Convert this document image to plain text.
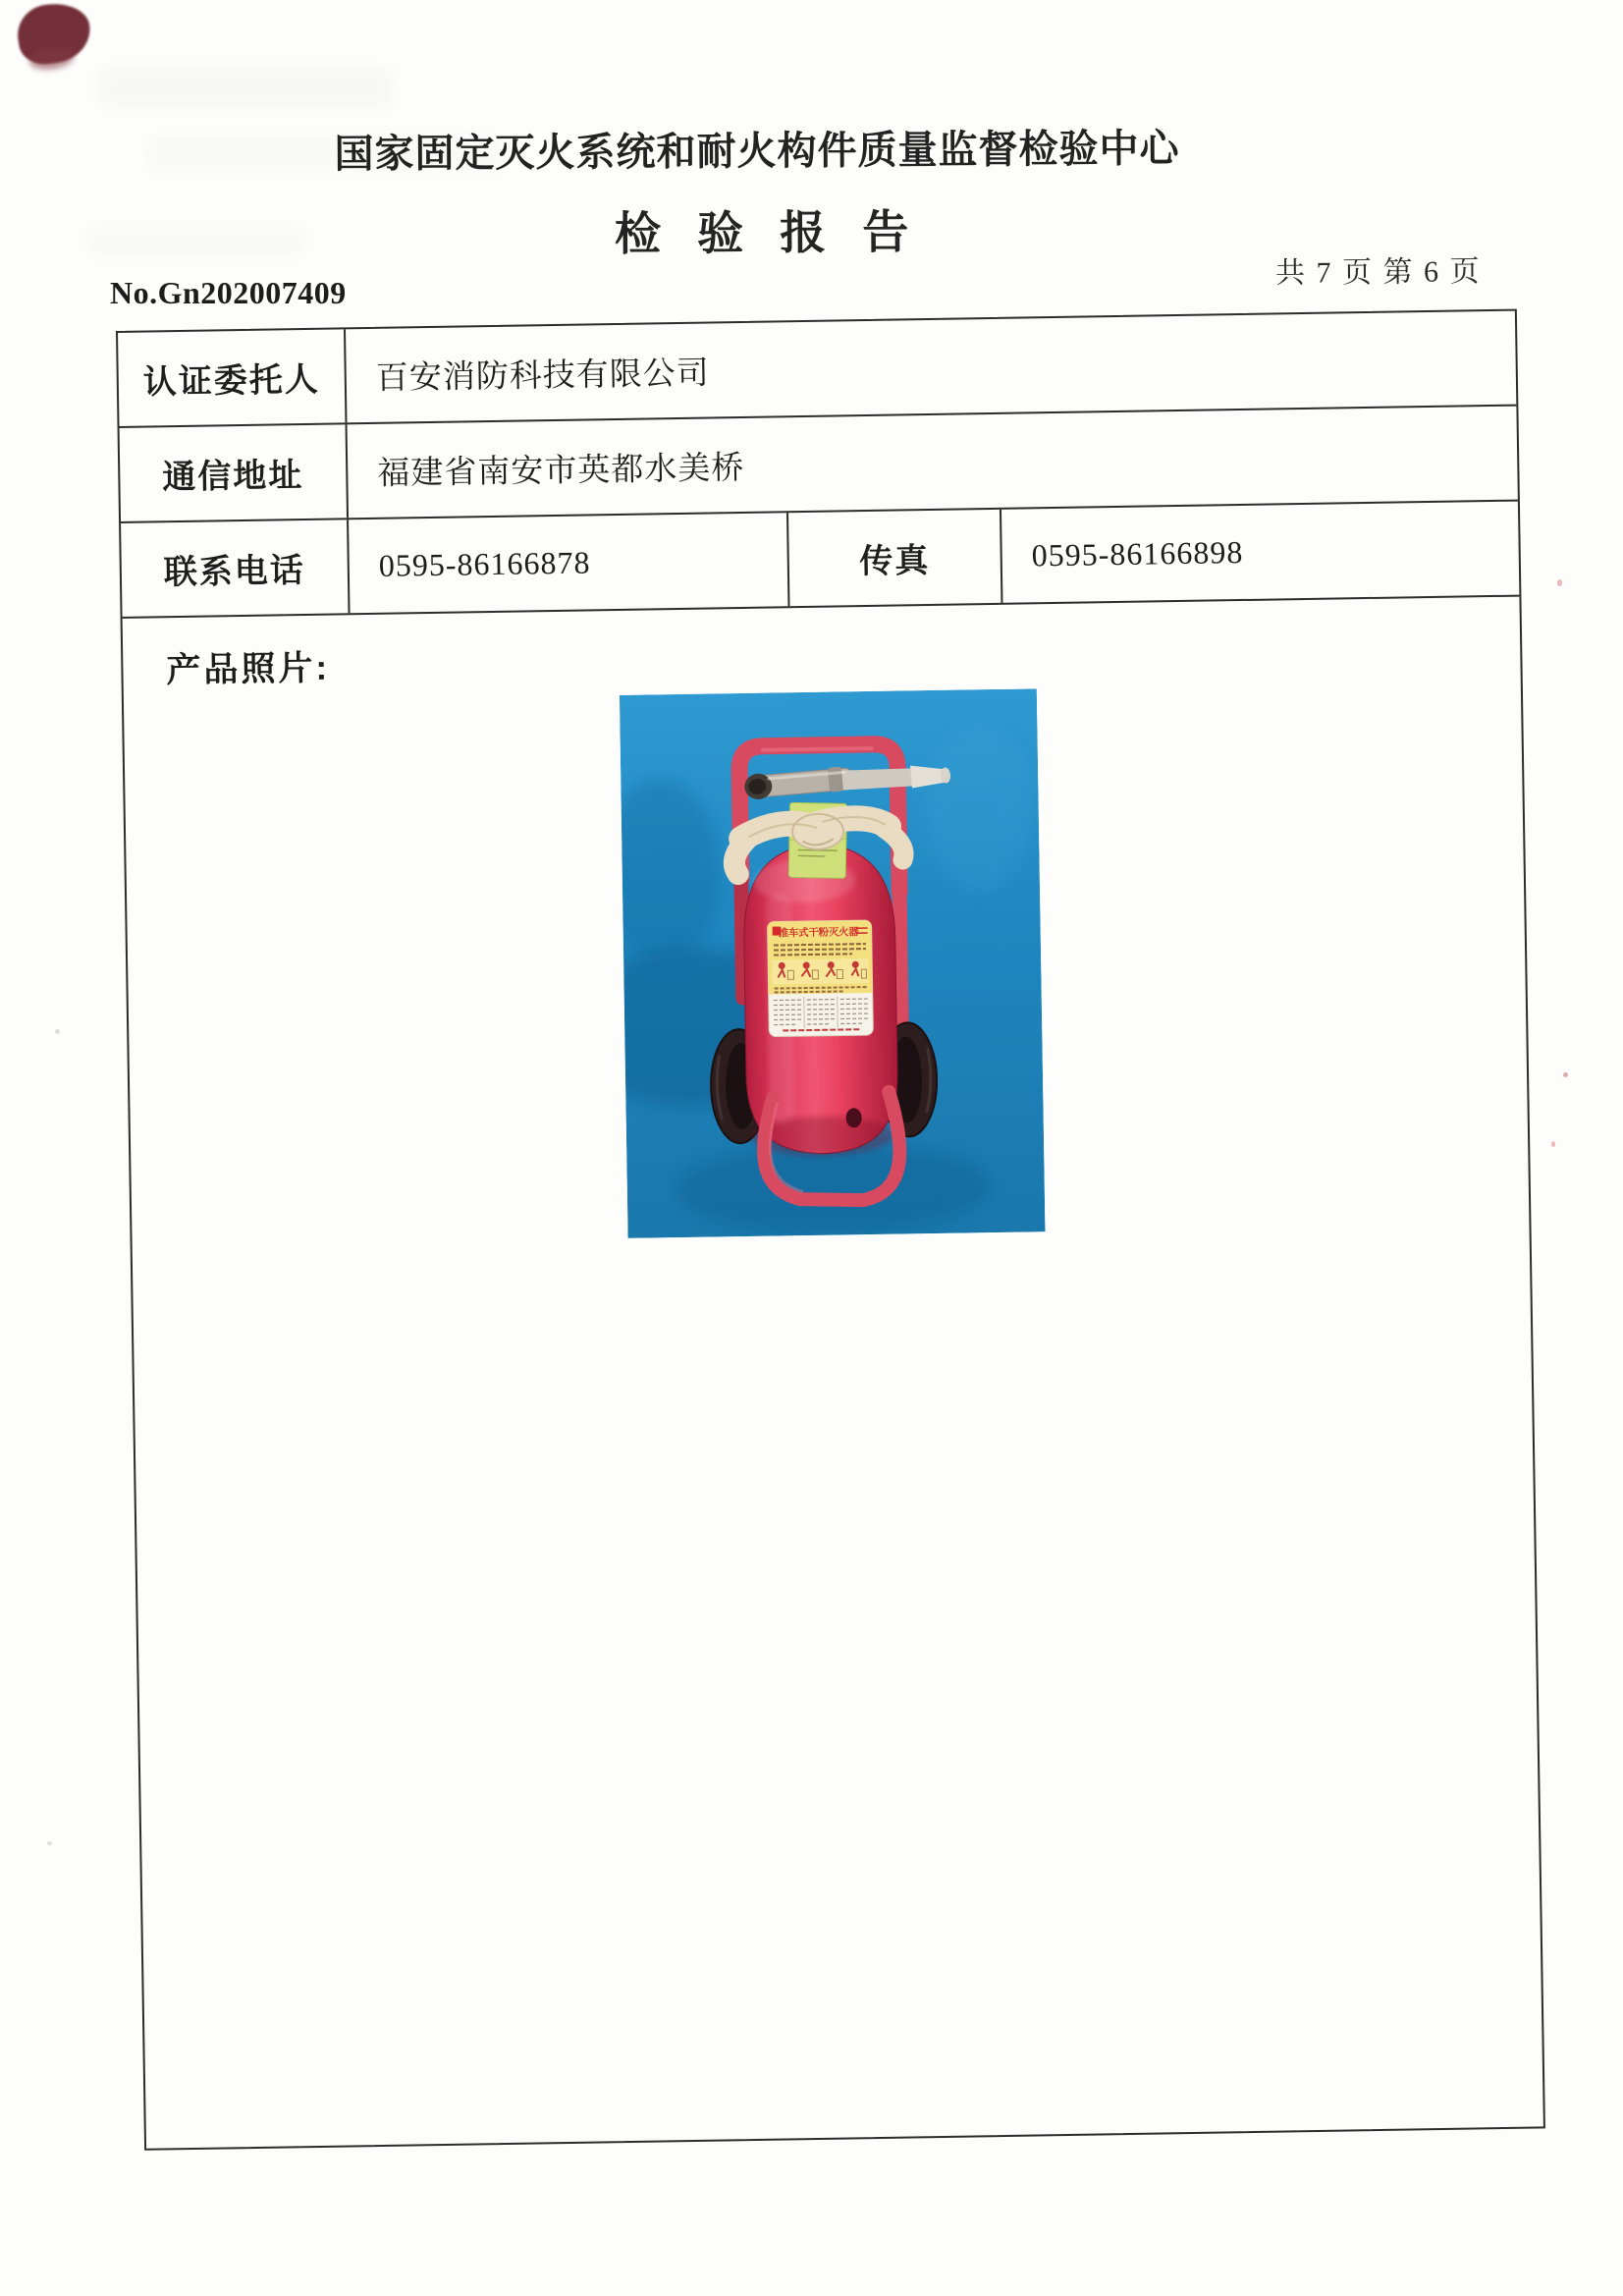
国家固定灭火系统和耐火构件质量监督检验中心
检 验 报 告
共 7 页 第 6 页
No.Gn202007409
认证委托人	百安消防科技有限公司
通信地址	福建省南安市英都水美桥
联系电话	0595-86166878	传真	0595-86166898
产品照片:
推车式干粉灭火器
